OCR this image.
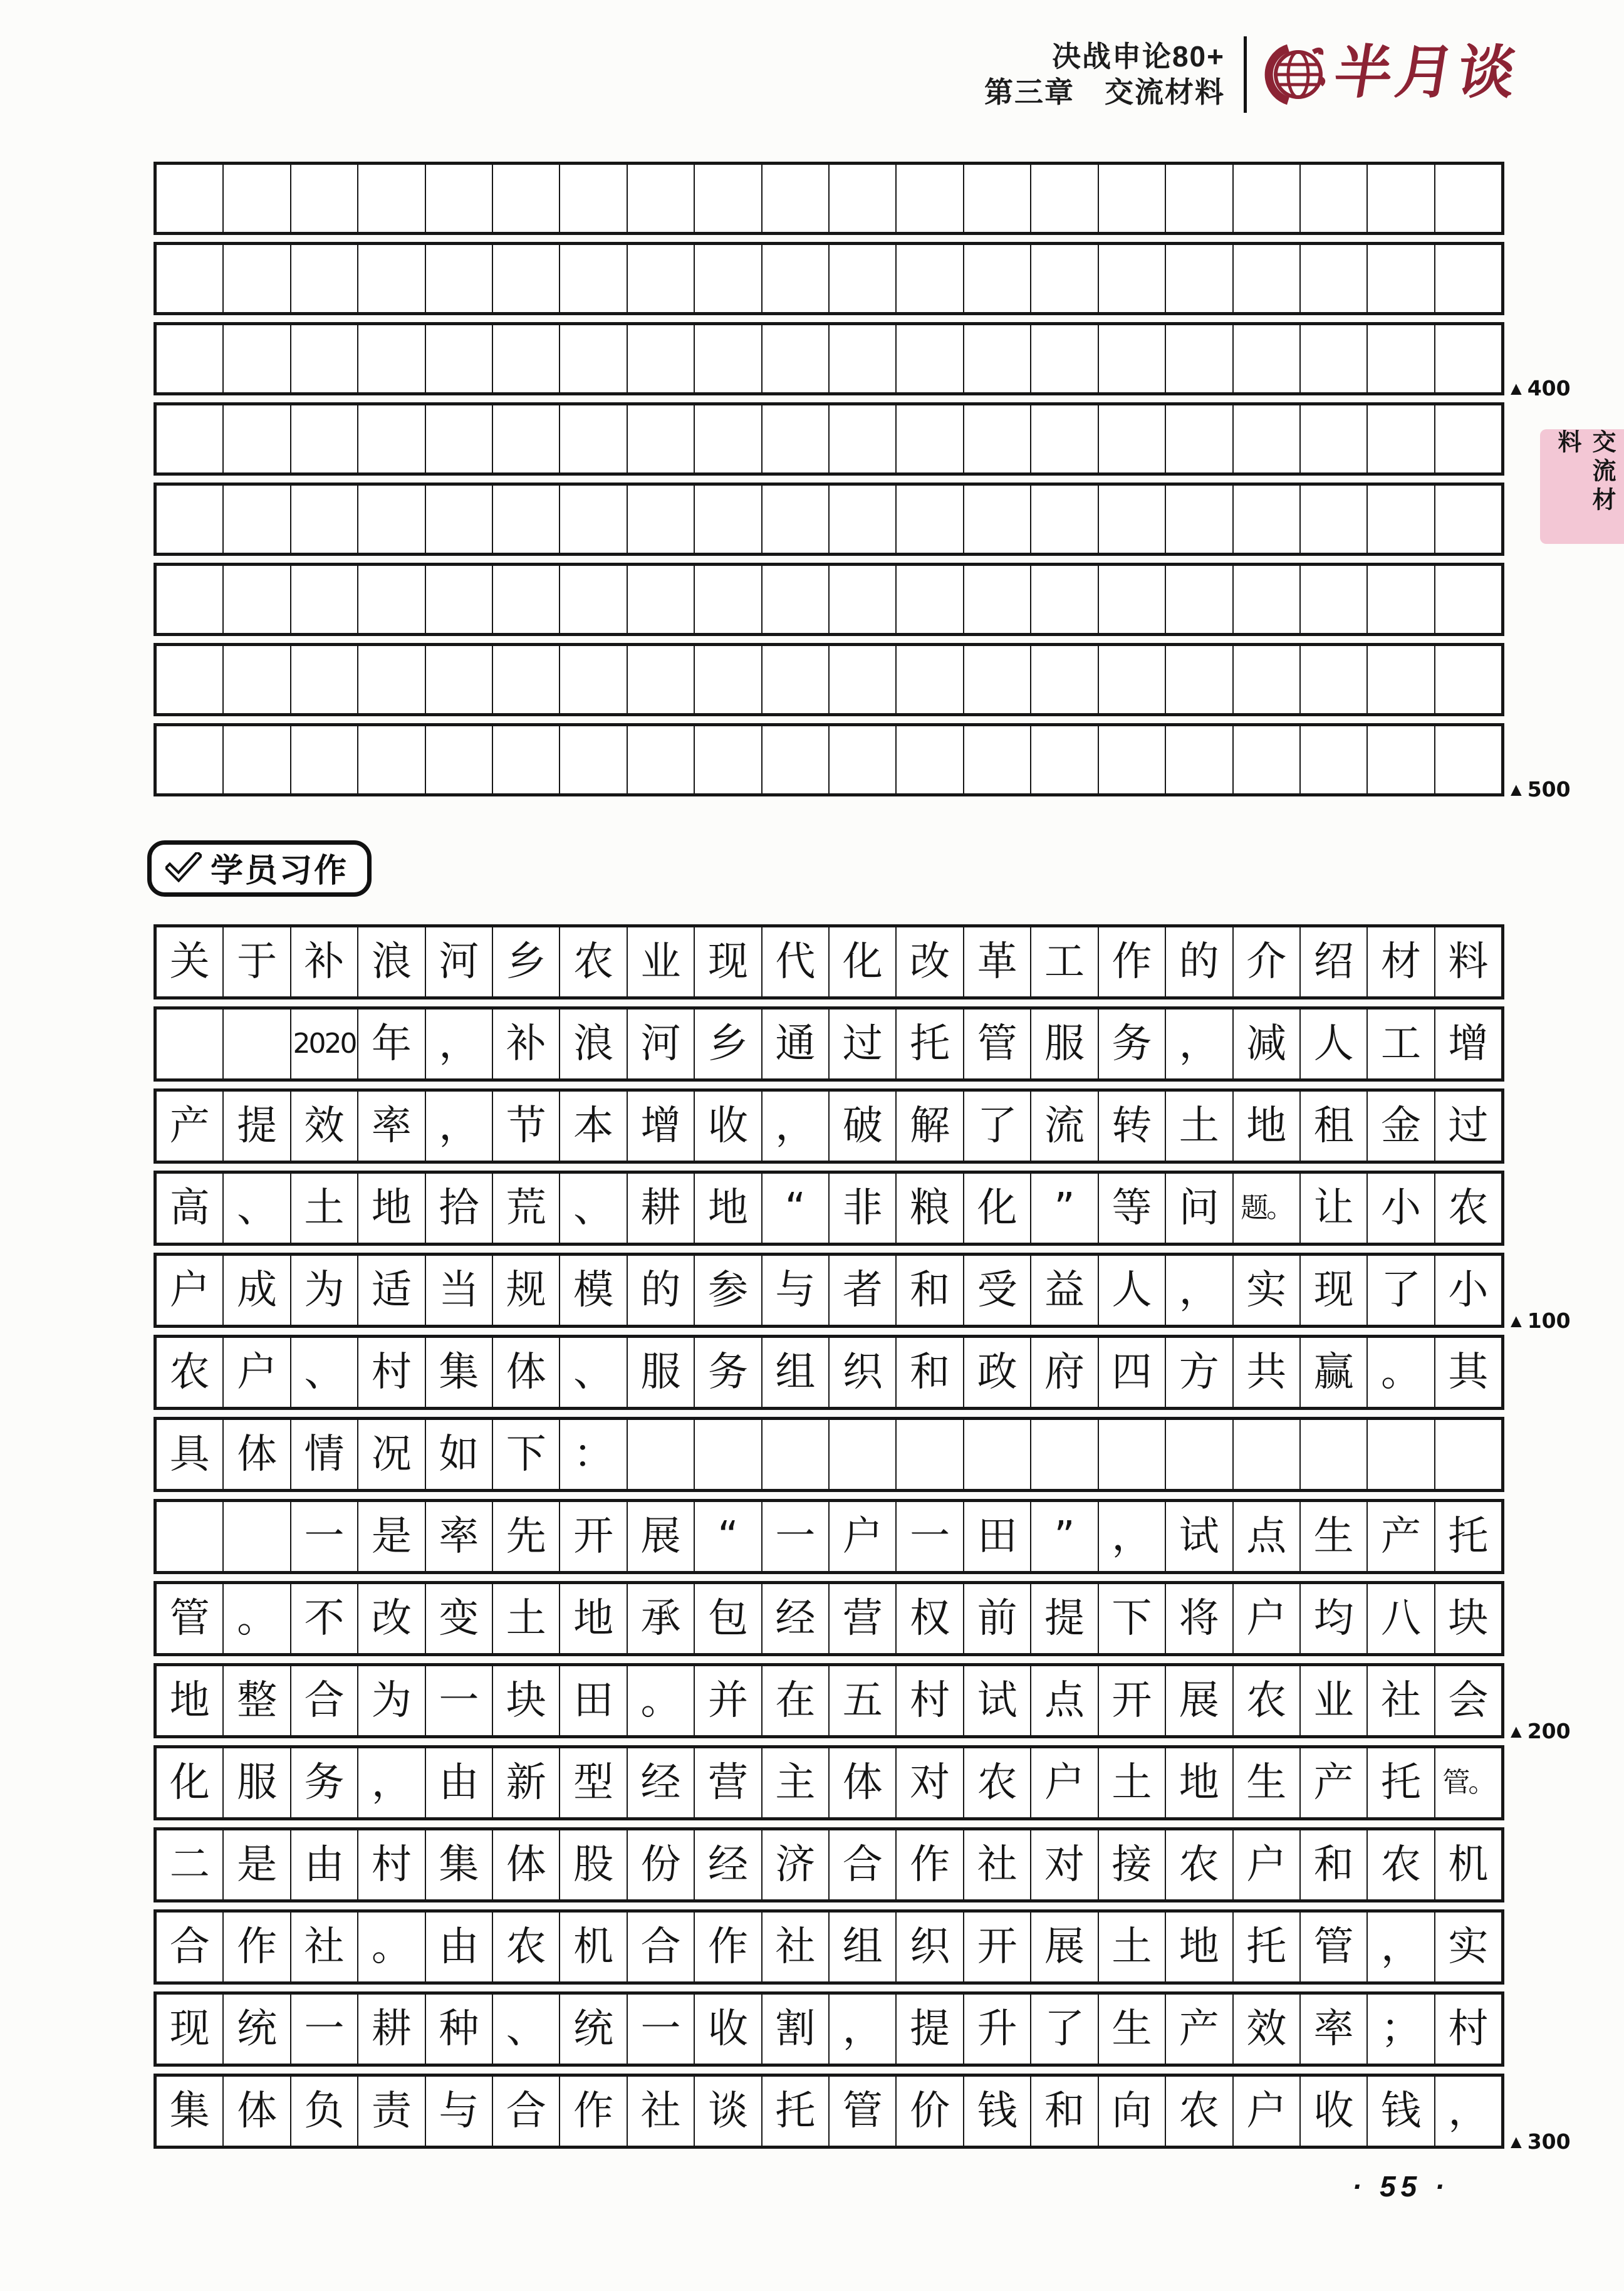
决战申论80+
第三章　交流材料 半月谈
交流材料
▲ 400
▲ 500
学员习作
关 于 补 浪 河 乡 农 业 现 代 化 改 革 工 作 的 介 绍 材 料
2020 年 ， 补 浪 河 乡 通 过 托 管 服 务 ， 减 人 工 增
产 提 效 率 ， 节 本 增 收 ， 破 解 了 流 转 土 地 租 金 过
高 、 土 地 拾 荒 、 耕 地 “ 非 粮 化 ” 等 问 题。 让 小 农
户 成 为 适 当 规 模 的 参 与 者 和 受 益 人 ， 实 现 了 小
农 户 、 村 集 体 、 服 务 组 织 和 政 府 四 方 共 赢 。 其
具 体 情 况 如 下 ：
一 是 率 先 开 展 “ 一 户 一 田 ” ， 试 点 生 产 托
管 。 不 改 变 土 地 承 包 经 营 权 前 提 下 将 户 均 八 块
地 整 合 为 一 块 田 。 并 在 五 村 试 点 开 展 农 业 社 会
化 服 务 ， 由 新 型 经 营 主 体 对 农 户 土 地 生 产 托 管。
二 是 由 村 集 体 股 份 经 济 合 作 社 对 接 农 户 和 农 机
合 作 社 。 由 农 机 合 作 社 组 织 开 展 土 地 托 管 ， 实
现 统 一 耕 种 、 统 一 收 割 ， 提 升 了 生 产 效 率 ； 村
集 体 负 责 与 合 作 社 谈 托 管 价 钱 和 向 农 户 收 钱 ，
▲ 100
▲ 200
▲ 300
· 55 ·
